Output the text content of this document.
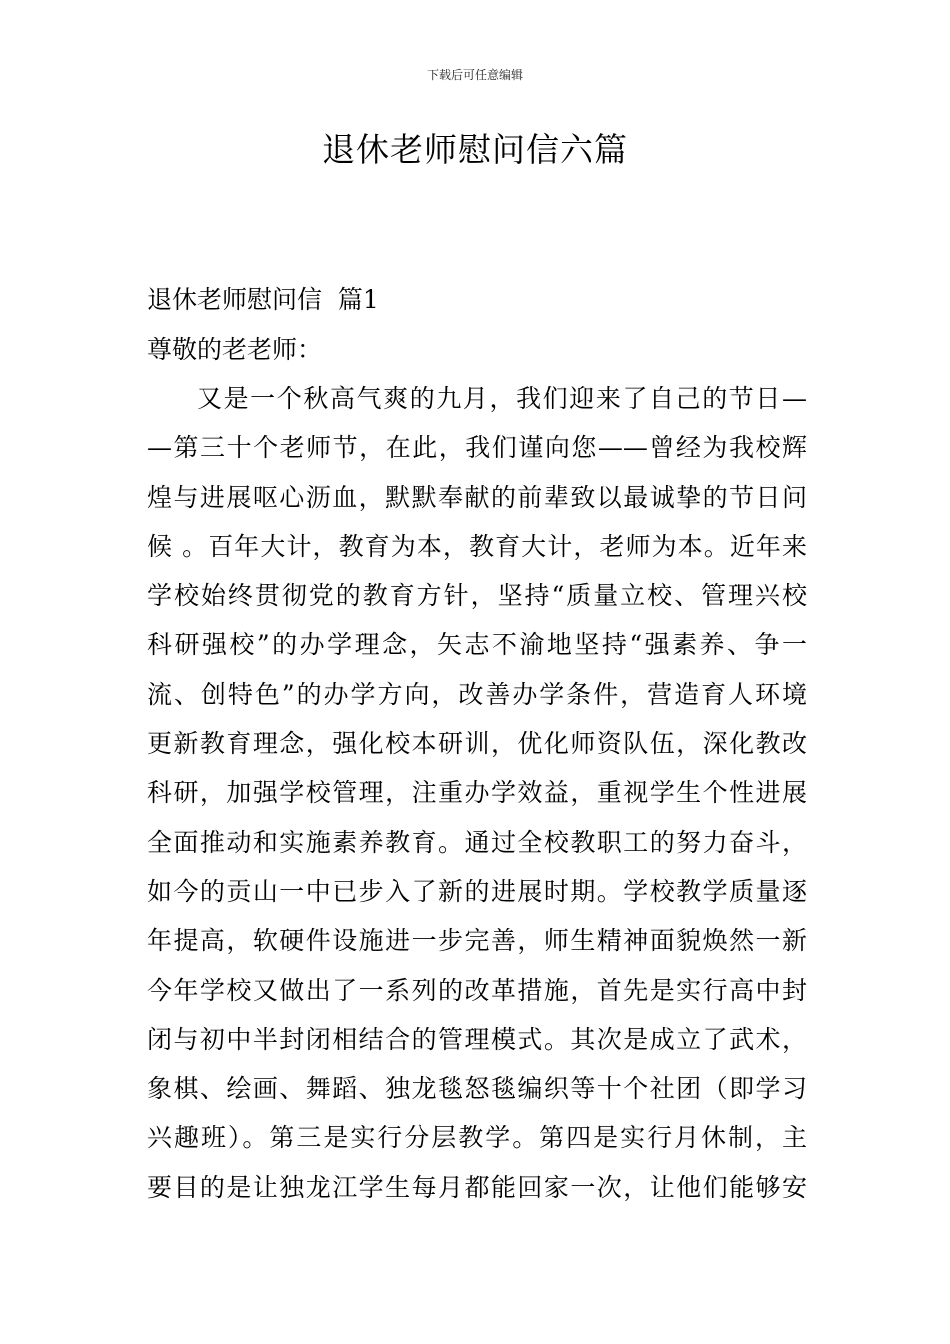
下载后可任意编辑
退休老师慰问信六篇
退休老师慰问信  篇1
尊敬的老老师：
又是一个秋高气爽的九月，我们迎来了自己的节日—
—第三十个老师节，在此，我们谨向您——曾经为我校辉
煌与进展呕心沥血，默默奉献的前辈致以最诚挚的节日问
候 。百年大计，教育为本，教育大计，老师为本。近年来
学校始终贯彻党的教育方针，坚持“质量立校、管理兴校
科研强校”的办学理念，矢志不渝地坚持“强素养、争一
流、创特色”的办学方向，改善办学条件，营造育人环境
更新教育理念，强化校本研训，优化师资队伍，深化教改
科研，加强学校管理，注重办学效益，重视学生个性进展
全面推动和实施素养教育。通过全校教职工的努力奋斗，
如今的贡山一中已步入了新的进展时期。学校教学质量逐
年提高，软硬件设施进一步完善，师生精神面貌焕然一新
今年学校又做出了一系列的改革措施，首先是实行高中封
闭与初中半封闭相结合的管理模式。其次是成立了武术，
象棋、绘画、舞蹈、独龙毯怒毯编织等十个社团（即学习
兴趣班）。第三是实行分层教学。第四是实行月休制，主
要目的是让独龙江学生每月都能回家一次，让他们能够安
